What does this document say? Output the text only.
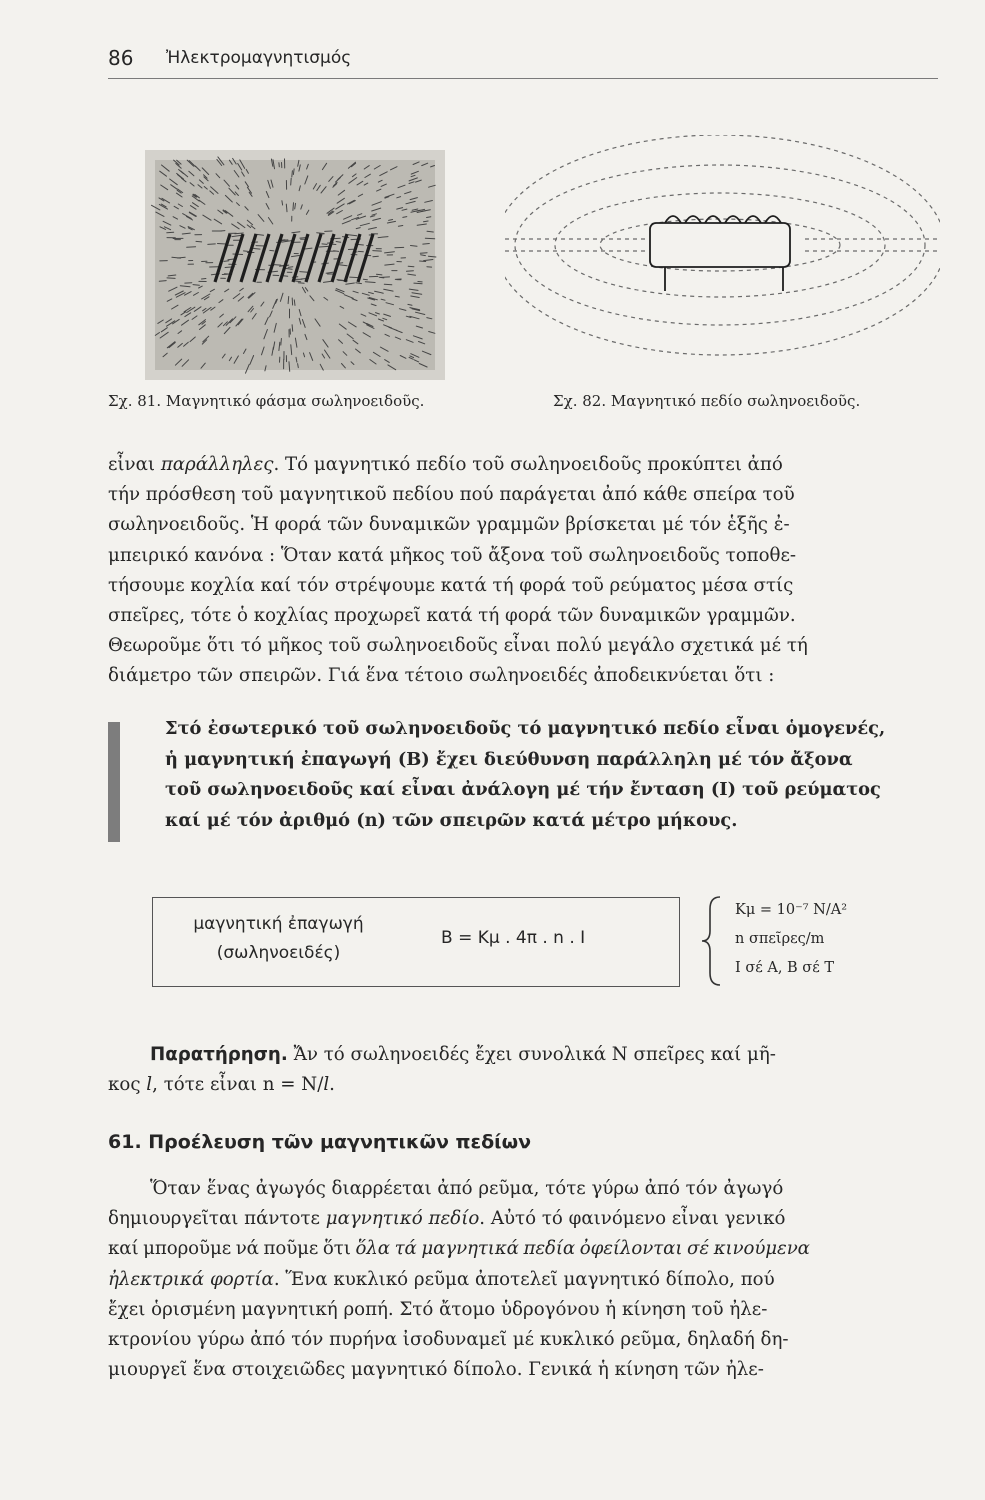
86 Ἠλεκτρομαγνητισμός
Σχ. 81. Μαγνητικό φάσμα σωληνοειδοῦς.	Σχ. 82. Μαγνητικό πεδίο σωληνοειδοῦς.
εἶναι παράλληλες. Τό μαγνητικό πεδίο τοῦ σωληνοειδοῦς προκύπτει ἀπό
τήν πρόσθεση τοῦ μαγνητικοῦ πεδίου πού παράγεται ἀπό κάθε σπείρα τοῦ
σωληνοειδοῦς. Ἡ φορά τῶν δυναμικῶν γραμμῶν βρίσκεται μέ τόν ἑξῆς ἐ-
μπειρικό κανόνα : Ὅταν κατά μῆκος τοῦ ἄξονα τοῦ σωληνοειδοῦς τοποθε-
τήσουμε κοχλία καί τόν στρέψουμε κατά τή φορά τοῦ ρεύματος μέσα στίς
σπεῖρες, τότε ὁ κοχλίας προχωρεῖ κατά τή φορά τῶν δυναμικῶν γραμμῶν.
Θεωροῦμε ὅτι τό μῆκος τοῦ σωληνοειδοῦς εἶναι πολύ μεγάλο σχετικά μέ τή
διάμετρο τῶν σπειρῶν. Γιά ἕνα τέτοιο σωληνοειδές ἀποδεικνύεται ὅτι :
Στό ἐσωτερικό τοῦ σωληνοειδοῦς τό μαγνητικό πεδίο εἶναι ὁμογενές,
ἡ μαγνητική ἐπαγωγή (B) ἔχει διεύθυνση παράλληλη μέ τόν ἄξονα
τοῦ σωληνοειδοῦς καί εἶναι ἀνάλογη μέ τήν ἔνταση (I) τοῦ ρεύματος
καί μέ τόν ἀριθμό (n) τῶν σπειρῶν κατά μέτρο μήκους.
μαγνητική ἐπαγωγή
(σωληνοειδές)
B = Kμ . 4π . n . I
Kμ = 10⁻⁷ N/A²
n σπεῖρες/m
I σέ A, B σέ T
Παρατήρηση. Ἄν τό σωληνοειδές ἔχει συνολικά N σπεῖρες καί μῆ-
κος l, τότε εἶναι n = N/l.
61. Προέλευση τῶν μαγνητικῶν πεδίων
Ὅταν ἕνας ἀγωγός διαρρέεται ἀπό ρεῦμα, τότε γύρω ἀπό τόν ἀγωγό
δημιουργεῖται πάντοτε μαγνητικό πεδίο. Αὐτό τό φαινόμενο εἶναι γενικό
καί μποροῦμε νά ποῦμε ὅτι ὅλα τά μαγνητικά πεδία ὀφείλονται σέ κινούμενα
ἠλεκτρικά φορτία. Ἕνα κυκλικό ρεῦμα ἀποτελεῖ μαγνητικό δίπολο, πού
ἔχει ὁρισμένη μαγνητική ροπή. Στό ἄτομο ὑδρογόνου ἡ κίνηση τοῦ ἠλε-
κτρονίου γύρω ἀπό τόν πυρήνα ἰσοδυναμεῖ μέ κυκλικό ρεῦμα, δηλαδή δη-
μιουργεῖ ἕνα στοιχειῶδες μαγνητικό δίπολο. Γενικά ἡ κίνηση τῶν ἠλε-
